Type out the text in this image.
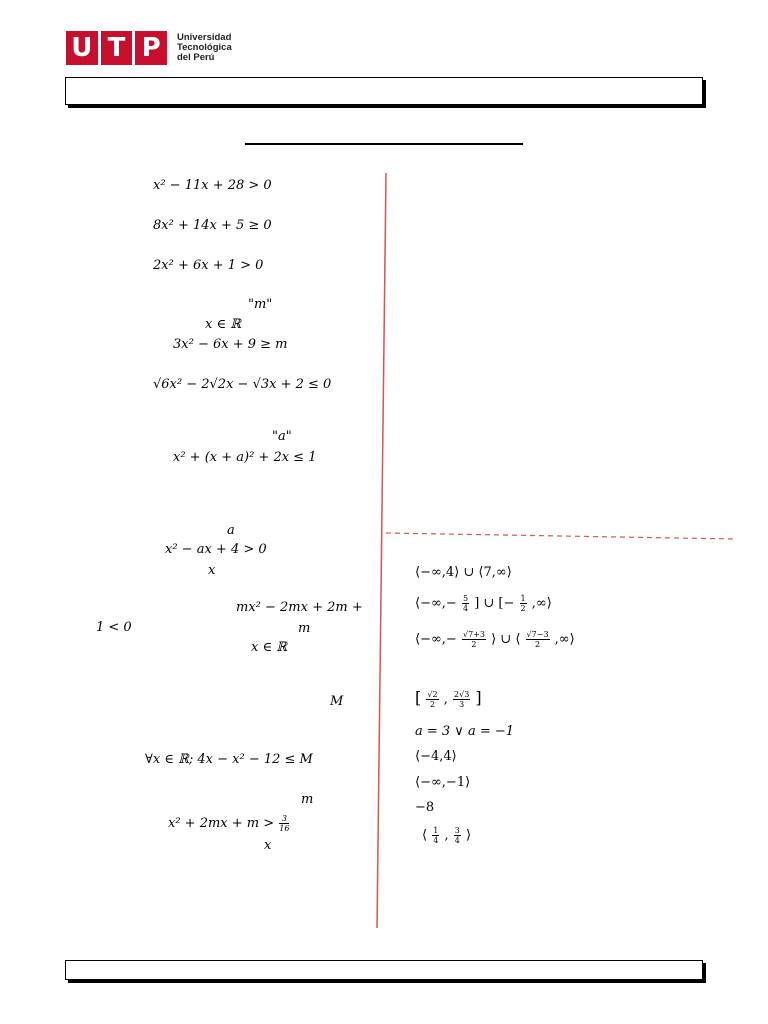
U T P	Universidad
Tecnológica
del Perú
x² − 11x + 28 > 0
8x² + 14x + 5 ≥ 0
2x² + 6x + 1 > 0
"m"
x ∈ ℝ
3x² − 6x + 9 ≥ m
√6x² − 2√2x − √3x + 2 ≤ 0
"a"
x² + (x + a)² + 2x ≤ 1
a
x² − ax + 4 > 0
x
mx² − 2mx + 2m +
1 < 0	m
x ∈ ℝ
M
∀x ∈ ℝ; 4x − x² − 12 ≤ M
m
$x^2 + 2mx + m > \frac{3}{16}$
x
⟨−∞,4⟩ ∪ ⟨7,∞⟩
⟨−∞,− $\frac{5}{4}$ ] ∪ [− $\frac{1}{2}$ ,∞⟩
⟨−∞,− $\frac{√7+3}{2}$ ⟩ ∪ ⟨ $\frac{√7-3}{2}$ ,∞⟩
[ $\frac{√2}{2}$ , $\frac{2√3}{3}$ ]
a = 3 ∨ a = −1
⟨−4,4⟩
⟨−∞,−1⟩
−8
⟨ $\frac{1}{4}$ , $\frac{3}{4}$ ⟩
